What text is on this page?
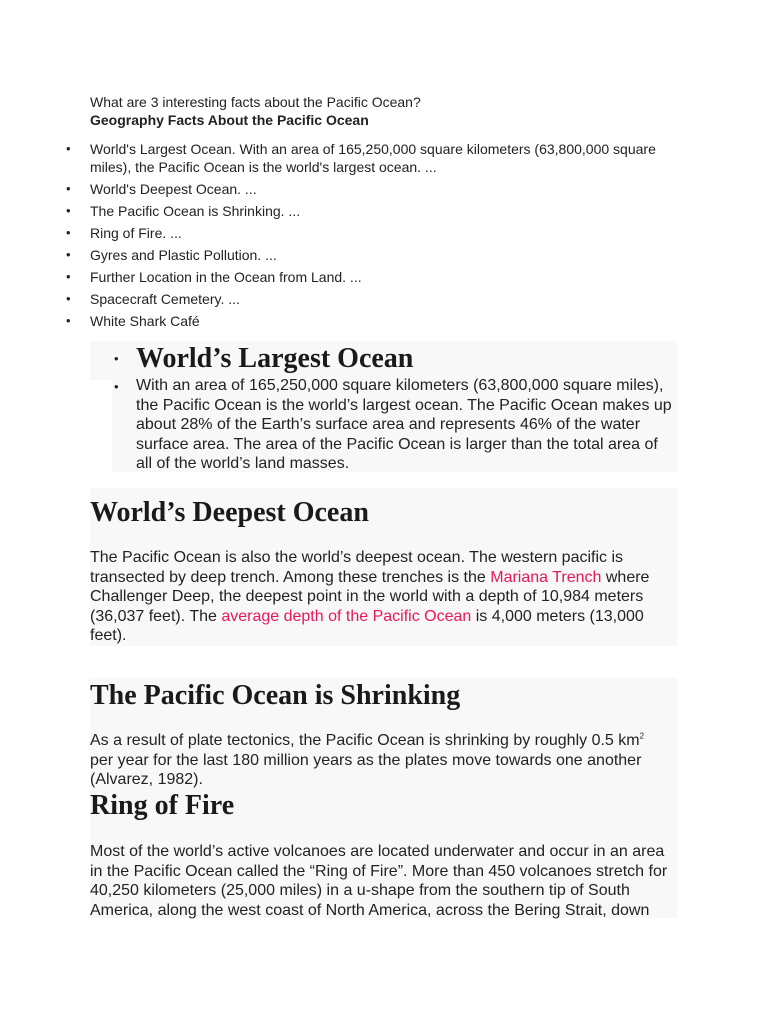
What are 3 interesting facts about the Pacific Ocean?

Geography Facts About the Pacific Ocean

• World's Largest Ocean. With an area of 165,250,000 square kilometers (63,800,000 square miles), the Pacific Ocean is the world's largest ocean. ...
• World's Deepest Ocean. ...
• The Pacific Ocean is Shrinking. ...
• Ring of Fire. ...
• Gyres and Plastic Pollution. ...
• Further Location in the Ocean from Land. ...
• Spacecraft Cemetery. ...
• White Shark Café
• World’s Largest Ocean
• With an area of 165,250,000 square kilometers (63,800,000 square miles), the Pacific Ocean is the world’s largest ocean. The Pacific Ocean makes up about 28% of the Earth’s surface area and represents 46% of the water surface area. The area of the Pacific Ocean is larger than the total area of all of the world’s land masses.

World’s Deepest Ocean

The Pacific Ocean is also the world’s deepest ocean. The western pacific is transected by deep trench. Among these trenches is the Mariana Trench where Challenger Deep, the deepest point in the world with a depth of 10,984 meters (36,037 feet). The average depth of the Pacific Ocean is 4,000 meters (13,000 feet).

The Pacific Ocean is Shrinking

As a result of plate tectonics, the Pacific Ocean is shrinking by roughly 0.5 $km^2$ per year for the last 180 million years as the plates move towards one another (Alvarez, 1982).

Ring of Fire

Most of the world’s active volcanoes are located underwater and occur in an area in the Pacific Ocean called the “Ring of Fire”. More than 450 volcanoes stretch for 40,250 kilometers (25,000 miles) in a u-shape from the southern tip of South America, along the west coast of North America, across the Bering Strait, down
